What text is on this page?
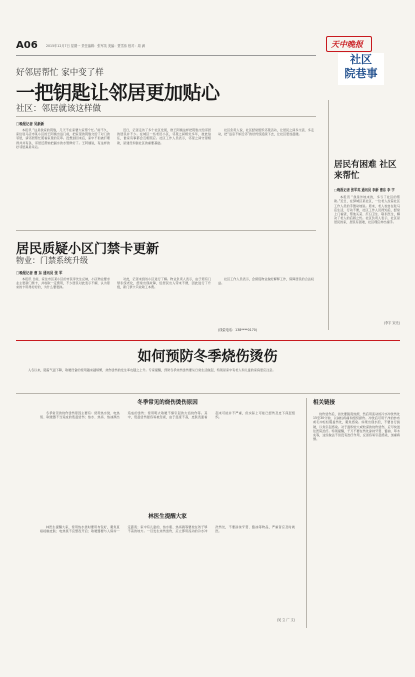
A06	2015年12月7日 星期一 责任编辑：张军英 美编：贾雪伟 校对：周 满	天中晚报
社区
院巷事
好邻居帮忙 家中变了样
一把钥匙让邻居更加贴心
社区：邻居就该这样做
□晚报记者 吴新新

本报讯 “这是我家的钥匙，几天不在家要大家帮个忙。”前不久，家住驻马店市某小区的王阿姨出远门前，把家里的钥匙交给了对门的邻居，请邻居帮忙照看家里的花草。没想到回来后，家中不但被打理得井井有条，邻居还帮她把漏水的水管修好了。王阿姨说，有这样的好邻居真是幸运。

近日，记者走访了多个社区发现，像王阿姨这样把钥匙交给邻居的居民并不少。在城区一些老旧小区，邻里之间相处多年，彼此信任，谁家有事都会互相照应。社区工作人员表示，邻里之间守望相助，是建设和谐社区的重要基础。

社区负责人说，社区经常组织邻里活动，让居民之间多交流、多走动，把“远亲不如近邻”的好传统延续下去，让社区更加温暖。

居民有困难 社区来帮忙
□晚报记者 张军英 通讯员 李新 曹东 李 宇

本报讯 “我是外地来的，多亏了社区的帮助。”近日，在驿城区某社区，一位老人拉着社区工作人员的手激动地说。原来，老人独自在驻马店生活，行动不便，社区工作人员得知后，经常上门看望，帮他买菜、打扫卫生、联系医生，解决了老人的后顾之忧。社区负责人表示，社区是居民的家，居民有困难，社区理应伸出援手。

(李宇 宋光)
居民质疑小区门禁卡更新
物业：门禁系统升级
□晚报记者 曹 东 通讯员 张 军

本报讯 日前，家住市区某小区的市民李先生反映，小区物业要求业主更新门禁卡，并收取一定费用，不少居民对此表示不解，认为原来的卡用得好好的，为什么要更换。

对此，记者来到该小区进行了解。物业负责人表示，由于原有门禁系统老化，经常出现故障，给居民出入带来不便，因此进行了升级，新门禁卡只收取工本费。

社区工作人员表示，会督促物业做好解释工作，保障居民的合法权益。

(线索电话：138****0170)
如何预防冬季烧伤烫伤

入冬以来，随着气温下降，取暖设备的使用越来越频繁，烧伤烫伤的发生率也随之上升。专家提醒，预防冬季烧伤烫伤要从日常生活做起，特别是家中有老人和儿童的家庭更应注意。

冬季常见的烧伤烫伤原因

冬季常见的烧伤烫伤原因主要有：使用热水袋、电热毯、取暖器不当造成的低温烫伤；热水、热汤、热油溅出造成的烫伤；使用明火取暖不慎引起的火焰烧伤等。其中，低温烫伤最容易被忽视，由于温度不高，皮肤表面看起来可能并不严重，但实际上可能已经伤及皮下深层组织。

林医生提醒大家

林医生提醒大家，使用热水袋时要用布包好，避免直接接触皮肤；电热毯不宜整夜开启；取暖器要与人保持一定距离；家中有儿童的，热水瓶、热汤碗等要放在孩子够不着的地方。一旦发生烧伤烫伤，应立即用流动的冷水冲洗伤处，不要涂抹牙膏、酱油等物品，严重者应及时就医。

(吴 立 广 文)
相关链接

烧伤烫伤后，首先要脱离热源，然后用流动的冷水冲洗伤处15至30分钟，以减轻疼痛和组织损伤。冲洗后可用干净的纱布或毛巾轻轻覆盖伤处，避免感染。如果出现水泡，不要自行挑破，以免引起感染。对于面积较大或较深的烧伤烫伤，应尽快送往医院治疗。特别提醒，千万不要在伤处涂抹牙膏、酱油、草木灰等，这些做法不但没有治疗作用，反而容易引起感染，加重病情。
